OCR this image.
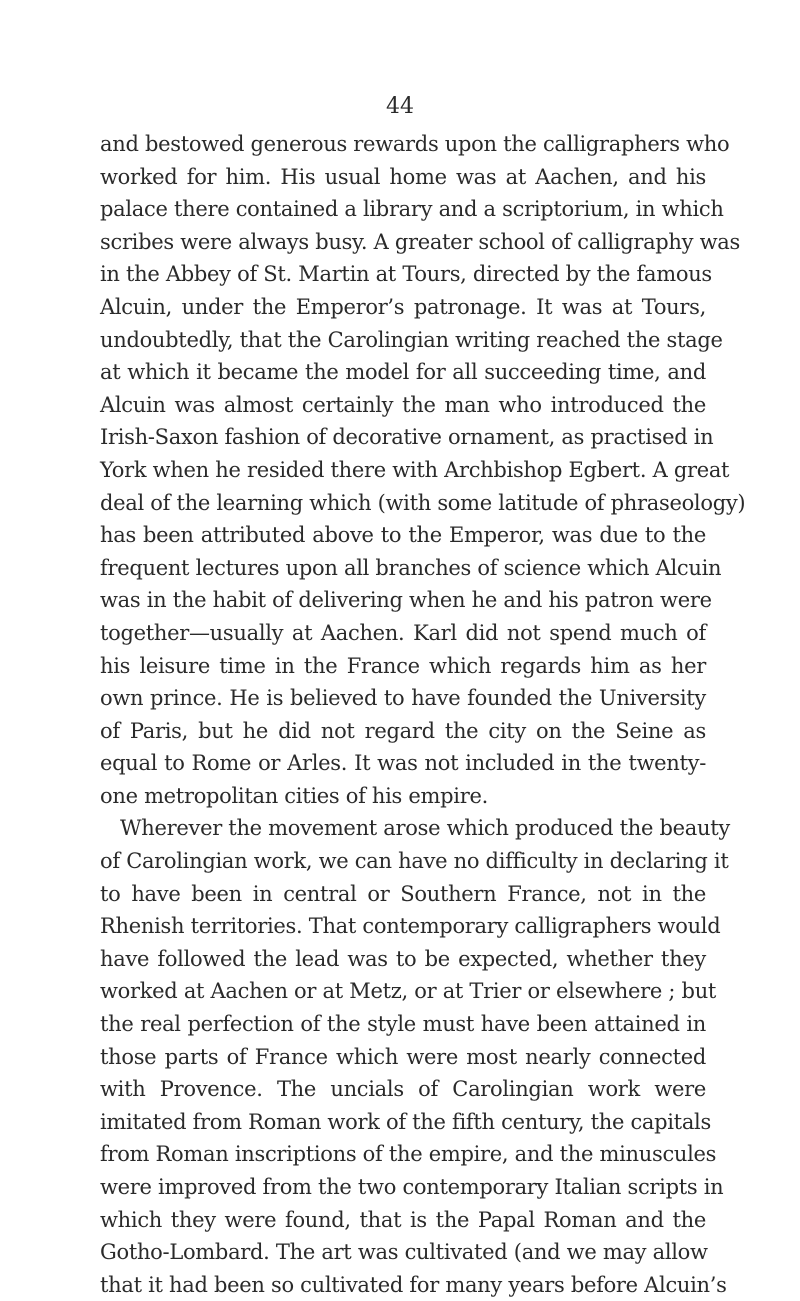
44
and bestowed generous rewards upon the calligraphers who
worked for him. His usual home was at Aachen, and his
palace there contained a library and a scriptorium, in which
scribes were always busy. A greater school of calligraphy was
in the Abbey of St. Martin at Tours, directed by the famous
Alcuin, under the Emperor’s patronage. It was at Tours,
undoubtedly, that the Carolingian writing reached the stage
at which it became the model for all succeeding time, and
Alcuin was almost certainly the man who introduced the
Irish-Saxon fashion of decorative ornament, as practised in
York when he resided there with Archbishop Egbert. A great
deal of the learning which (with some latitude of phraseology)
has been attributed above to the Emperor, was due to the
frequent lectures upon all branches of science which Alcuin
was in the habit of delivering when he and his patron were
together—usually at Aachen. Karl did not spend much of
his leisure time in the France which regards him as her
own prince. He is believed to have founded the University
of Paris, but he did not regard the city on the Seine as
equal to Rome or Arles. It was not included in the twenty-
one metropolitan cities of his empire.
Wherever the movement arose which produced the beauty
of Carolingian work, we can have no difficulty in declaring it
to have been in central or Southern France, not in the
Rhenish territories. That contemporary calligraphers would
have followed the lead was to be expected, whether they
worked at Aachen or at Metz, or at Trier or elsewhere ; but
the real perfection of the style must have been attained in
those parts of France which were most nearly connected
with Provence. The uncials of Carolingian work were
imitated from Roman work of the fifth century, the capitals
from Roman inscriptions of the empire, and the minuscules
were improved from the two contemporary Italian scripts in
which they were found, that is the Papal Roman and the
Gotho-Lombard. The art was cultivated (and we may allow
that it had been so cultivated for many years before Alcuin’s
